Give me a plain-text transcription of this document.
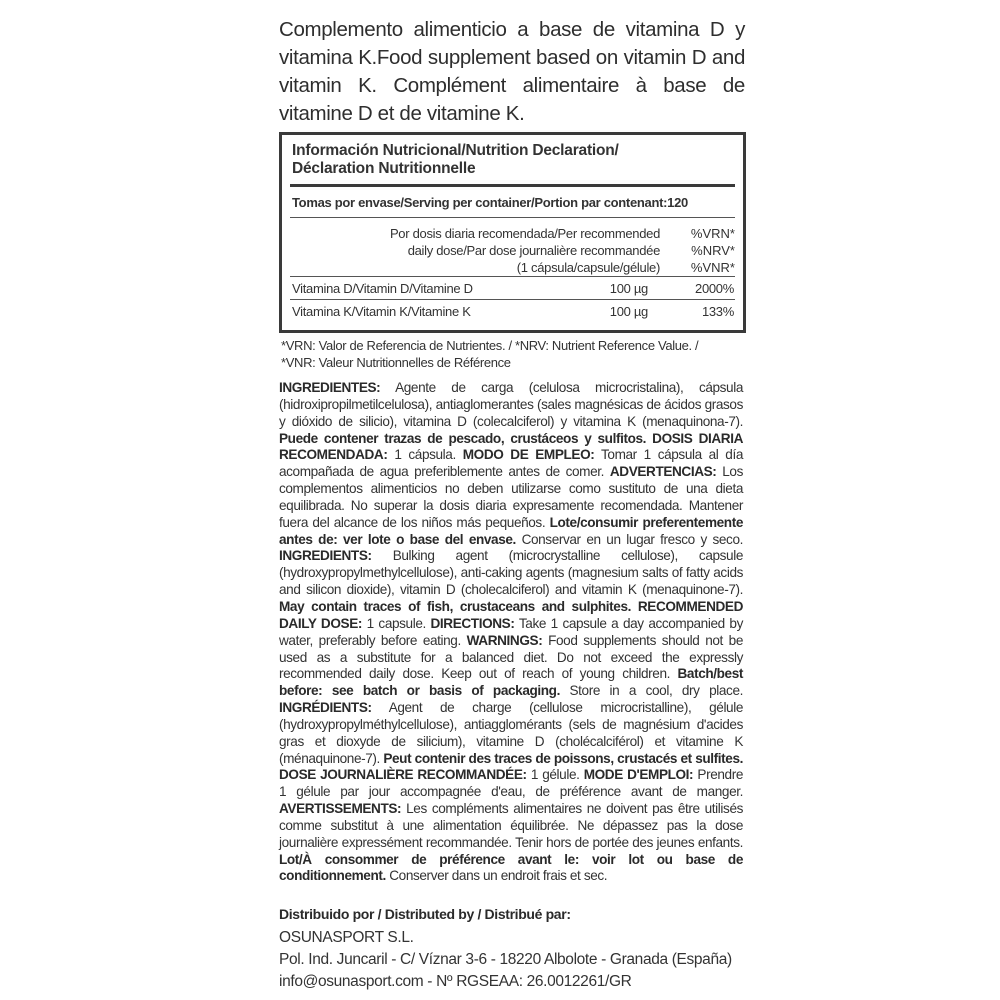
Complemento alimenticio a base de vitamina D y vitamina K.Food supplement based on vitamin D and vitamin K. Complément alimentaire à base de vitamine D et de vitamine K.
Información Nutricional/Nutrition Declaration/
Déclaration Nutritionnelle
Tomas por envase/Serving per container/Portion par contenant:120
Por dosis diaria recomendada/Per recommended
daily dose/Par dose journalière recommandée
(1 cápsula/capsule/gélule)
%VRN*
%NRV*
%VNR*
Vitamina D/Vitamin D/Vitamine D	100 µg	2000%
Vitamina K/Vitamin K/Vitamine K	100 µg	133%
*VRN: Valor de Referencia de Nutrientes. / *NRV: Nutrient Reference Value. /
*VNR: Valeur Nutritionnelles de Référence
INGREDIENTES: Agente de carga (celulosa microcristalina), cápsula (hidroxipropilmetilcelulosa), antiaglomerantes (sales magnésicas de ácidos grasos y dióxido de silicio), vitamina D (colecalciferol) y vitamina K (menaquinona-7). Puede contener trazas de pescado, crustáceos y sulfitos. DOSIS DIARIA RECOMENDADA: 1 cápsula. MODO DE EMPLEO: Tomar 1 cápsula al día acompañada de agua preferiblemente antes de comer. ADVERTENCIAS: Los complementos alimenticios no deben utilizarse como sustituto de una dieta equilibrada. No superar la dosis diaria expresamente recomendada. Mantener fuera del alcance de los niños más pequeños. Lote/consumir preferentemente antes de: ver lote o base del envase. Conservar en un lugar fresco y seco. INGREDIENTS: Bulking agent (microcrystalline cellulose), capsule (hydroxypropylmethylcellulose), anti-caking agents (magnesium salts of fatty acids and silicon dioxide), vitamin D (cholecalciferol) and vitamin K (menaquinone-7). May contain traces of fish, crustaceans and sulphites. RECOMMENDED DAILY DOSE: 1 capsule. DIRECTIONS: Take 1 capsule a day accompanied by water, preferably before eating. WARNINGS: Food supplements should not be used as a substitute for a balanced diet. Do not exceed the expressly recommended daily dose. Keep out of reach of young children. Batch/best before: see batch or basis of packaging. Store in a cool, dry place. INGRÉDIENTS: Agent de charge (cellulose microcristalline), gélule (hydroxypropylméthylcellulose), antiagglomérants (sels de magnésium d'acides gras et dioxyde de silicium), vitamine D (cholécalciférol) et vitamine K (ménaquinone-7). Peut contenir des traces de poissons, crustacés et sulfites. DOSE JOURNALIÈRE RECOMMANDÉE: 1 gélule. MODE D'EMPLOI: Prendre 1 gélule par jour accompagnée d'eau, de préférence avant de manger. AVERTISSEMENTS: Les compléments alimentaires ne doivent pas être utilisés comme substitut à une alimentation équilibrée. Ne dépassez pas la dose journalière expressément recommandée. Tenir hors de portée des jeunes enfants. Lot/À consommer de préférence avant le: voir lot ou base de conditionnement. Conserver dans un endroit frais et sec.
Distribuido por / Distributed by / Distribué par:
OSUNASPORT S.L.
Pol. Ind. Juncaril - C/ Víznar 3-6 - 18220 Albolote - Granada (España)
info@osunasport.com - Nº RGSEAA: 26.0012261/GR
